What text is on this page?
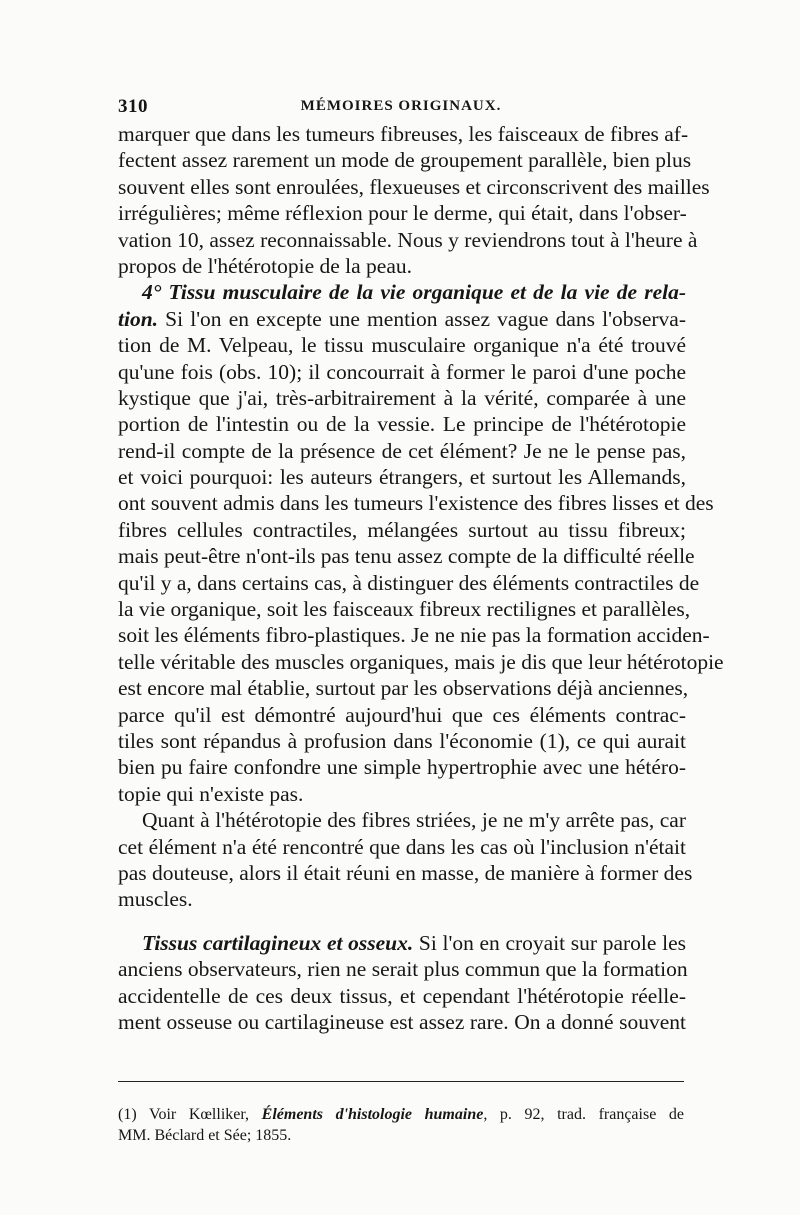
310	MÉMOIRES ORIGINAUX.
marquer que dans les tumeurs fibreuses, les faisceaux de fibres af-
fectent assez rarement un mode de groupement parallèle, bien plus
souvent elles sont enroulées, flexueuses et circonscrivent des mailles
irrégulières; même réflexion pour le derme, qui était, dans l'obser-
vation 10, assez reconnaissable. Nous y reviendrons tout à l'heure à
propos de l'hétérotopie de la peau.
4° Tissu musculaire de la vie organique et de la vie de rela-
tion. Si l'on en excepte une mention assez vague dans l'observa-
tion de M. Velpeau, le tissu musculaire organique n'a été trouvé
qu'une fois (obs. 10); il concourrait à former le paroi d'une poche
kystique que j'ai, très-arbitrairement à la vérité, comparée à une
portion de l'intestin ou de la vessie. Le principe de l'hétérotopie
rend-il compte de la présence de cet élément? Je ne le pense pas,
et voici pourquoi: les auteurs étrangers, et surtout les Allemands,
ont souvent admis dans les tumeurs l'existence des fibres lisses et des
fibres cellules contractiles, mélangées surtout au tissu fibreux;
mais peut-être n'ont-ils pas tenu assez compte de la difficulté réelle
qu'il y a, dans certains cas, à distinguer des éléments contractiles de
la vie organique, soit les faisceaux fibreux rectilignes et parallèles,
soit les éléments fibro-plastiques. Je ne nie pas la formation acciden-
telle véritable des muscles organiques, mais je dis que leur hétérotopie
est encore mal établie, surtout par les observations déjà anciennes,
parce qu'il est démontré aujourd'hui que ces éléments contrac-
tiles sont répandus à profusion dans l'économie (1), ce qui aurait
bien pu faire confondre une simple hypertrophie avec une hétéro-
topie qui n'existe pas.
Quant à l'hétérotopie des fibres striées, je ne m'y arrête pas, car
cet élément n'a été rencontré que dans les cas où l'inclusion n'était
pas douteuse, alors il était réuni en masse, de manière à former des
muscles.
Tissus cartilagineux et osseux. Si l'on en croyait sur parole les
anciens observateurs, rien ne serait plus commun que la formation
accidentelle de ces deux tissus, et cependant l'hétérotopie réelle-
ment osseuse ou cartilagineuse est assez rare. On a donné souvent
(1) Voir Kœlliker, Éléments d'histologie humaine, p. 92, trad. française de
MM. Béclard et Sée; 1855.
